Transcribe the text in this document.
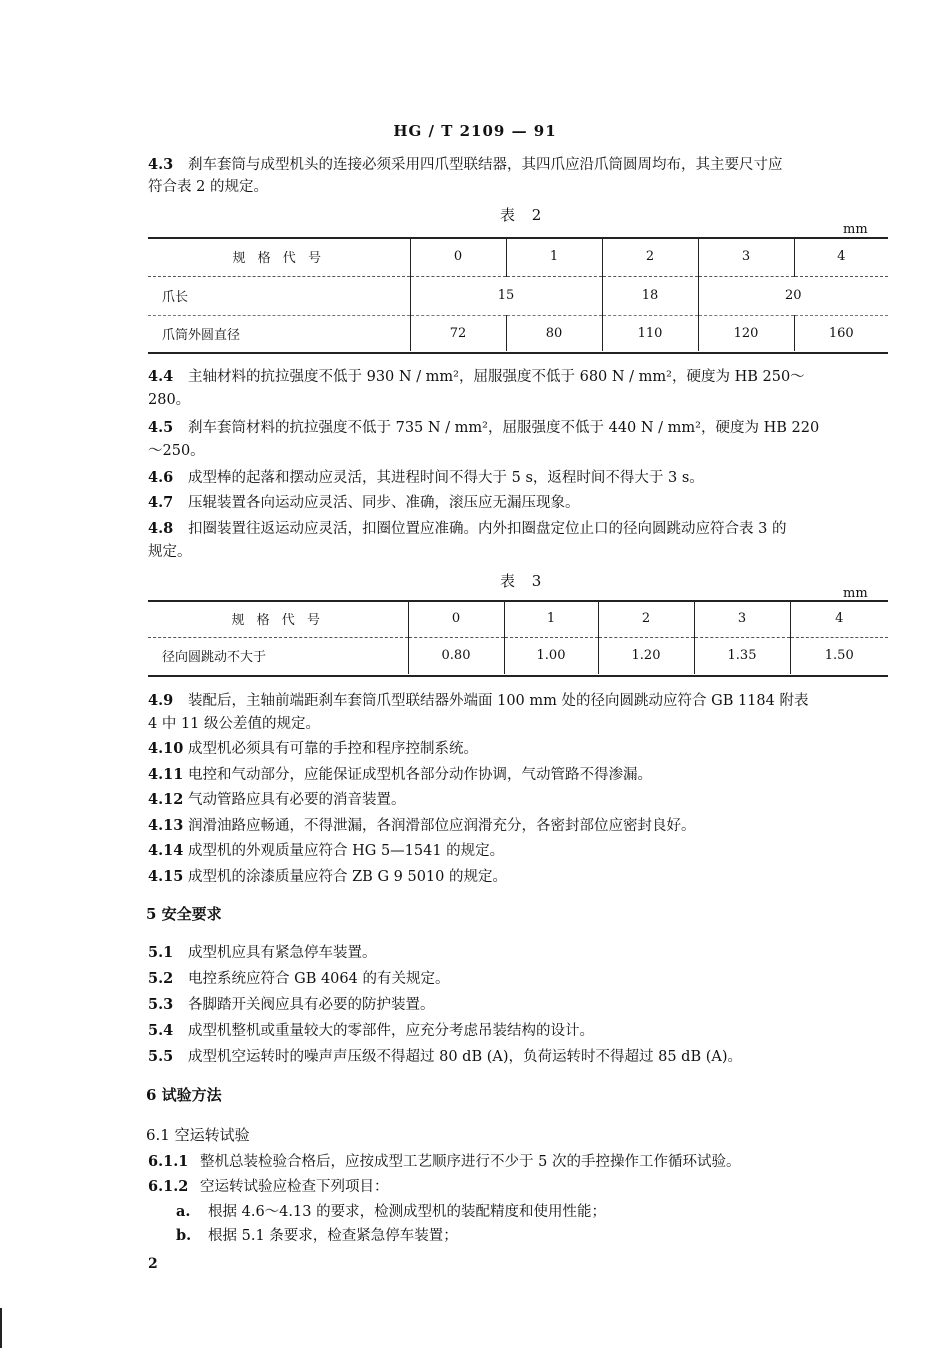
HG / T 2109 — 91
4.3 刹车套筒与成型机头的连接必须采用四爪型联结器，其四爪应沿爪筒圆周均布，其主要尺寸应
符合表 2 的规定。
表 2
mm
规 格 代 号	0	1	2	3	4
爪长	15		18	20	
爪筒外圆直径	72	80	110	120	160
4.4 主轴材料的抗拉强度不低于 930 N / mm²，屈服强度不低于 680 N / mm²，硬度为 HB 250～
280。
4.5 刹车套筒材料的抗拉强度不低于 735 N / mm²，屈服强度不低于 440 N / mm²，硬度为 HB 220
～250。
4.6 成型棒的起落和摆动应灵活，其进程时间不得大于 5 s，返程时间不得大于 3 s。
4.7 压辊装置各向运动应灵活、同步、准确，滚压应无漏压现象。
4.8 扣圈装置往返运动应灵活，扣圈位置应准确。内外扣圈盘定位止口的径向圆跳动应符合表 3 的
规定。
表 3
mm
规 格 代 号	0	1	2	3	4
径向圆跳动不大于	0.80	1.00	1.20	1.35	1.50
4.9 装配后，主轴前端距刹车套筒爪型联结器外端面 100 mm 处的径向圆跳动应符合 GB 1184 附表
4 中 11 级公差值的规定。
4.10 成型机必须具有可靠的手控和程序控制系统。
4.11 电控和气动部分，应能保证成型机各部分动作协调，气动管路不得渗漏。
4.12 气动管路应具有必要的消音装置。
4.13 润滑油路应畅通，不得泄漏，各润滑部位应润滑充分，各密封部位应密封良好。
4.14 成型机的外观质量应符合 HG 5—1541 的规定。
4.15 成型机的涂漆质量应符合 ZB G 9 5010 的规定。
5 安全要求
5.1 成型机应具有紧急停车装置。
5.2 电控系统应符合 GB 4064 的有关规定。
5.3 各脚踏开关阀应具有必要的防护装置。
5.4 成型机整机或重量较大的零部件，应充分考虑吊装结构的设计。
5.5 成型机空运转时的噪声声压级不得超过 80 dB (A)，负荷运转时不得超过 85 dB (A)。
6 试验方法
6.1 空运转试验
6.1.1 整机总装检验合格后，应按成型工艺顺序进行不少于 5 次的手控操作工作循环试验。
6.1.2 空运转试验应检查下列项目：
a. 根据 4.6～4.13 的要求，检测成型机的装配精度和使用性能；
b. 根据 5.1 条要求，检查紧急停车装置；
2
